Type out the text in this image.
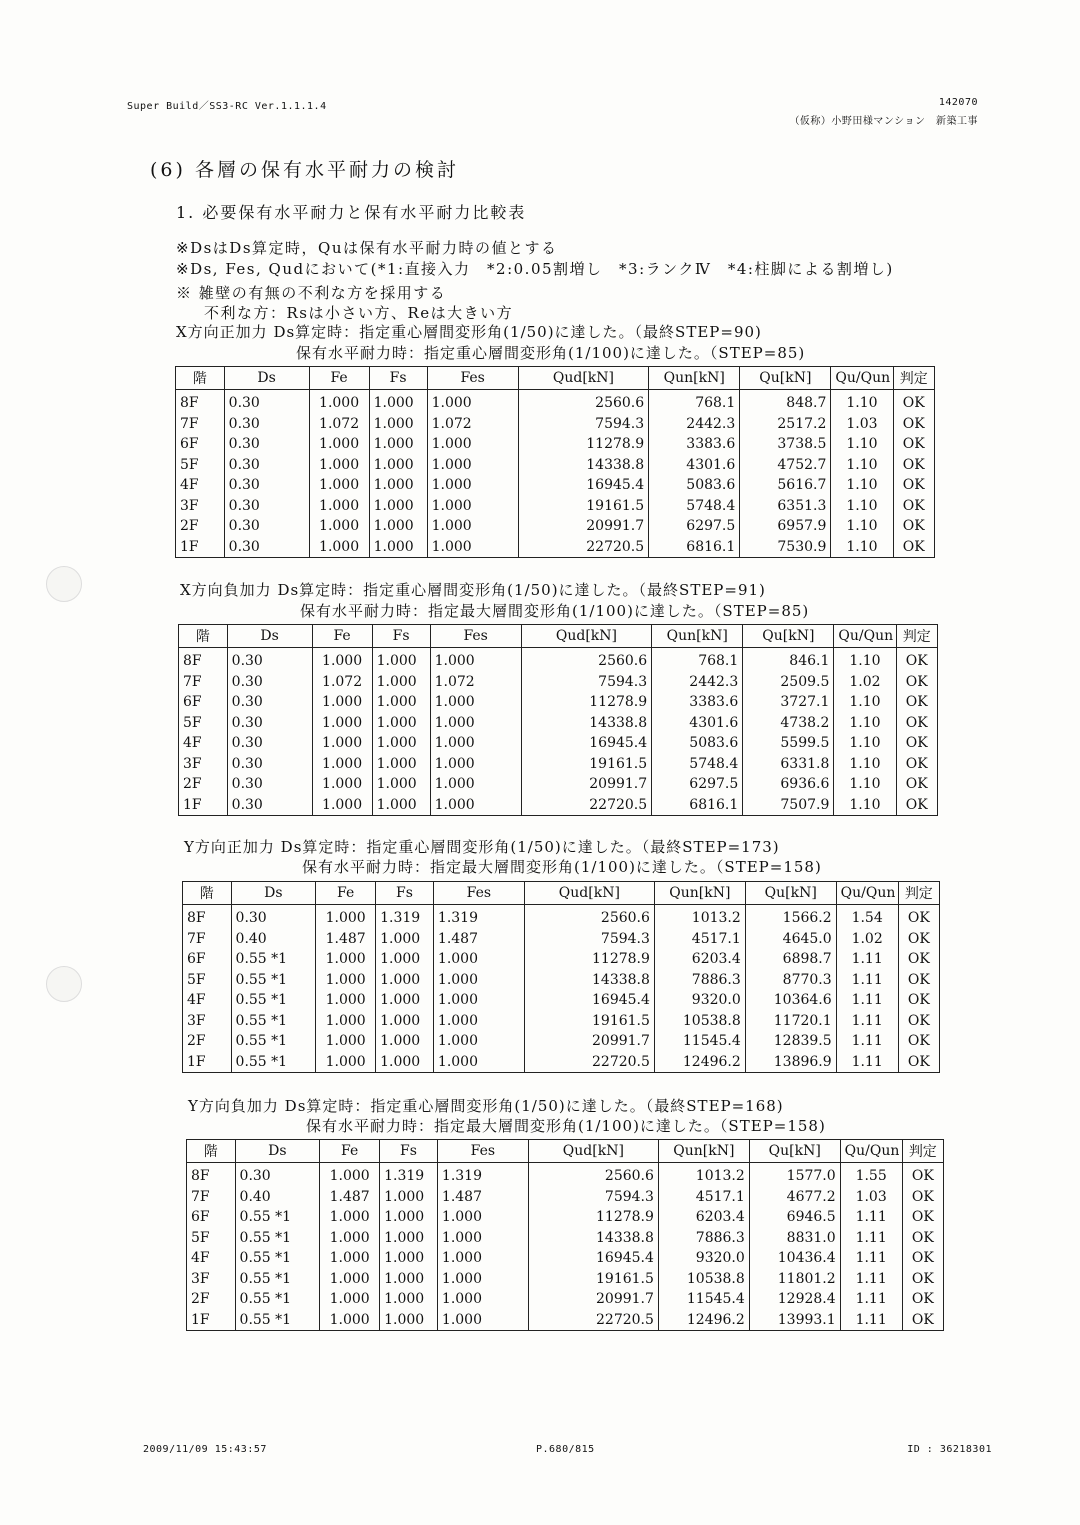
Super Build／SS3-RC Ver.1.1.1.4	142070
（仮称）小野田様マンション　新築工事
(6) 各層の保有水平耐力の検討
1. 必要保有水平耐力と保有水平耐力比較表
※DsはDs算定時，Quは保有水平耐力時の値とする
※Ds, Fes, Qudにおいて(*1:直接入力　*2:0.05割増し　*3:ランクⅣ　*4:柱脚による割増し)
※ 雑壁の有無の不利な方を採用する
不利な方：Rsは小さい方、Reは大きい方
X方向正加力 Ds算定時：指定重心層間変形角(1/50)に達した。（最終STEP=90)
保有水平耐力時：指定重心層間変形角(1/100)に達した。（STEP=85)
X方向負加力 Ds算定時：指定重心層間変形角(1/50)に達した。（最終STEP=91)
保有水平耐力時：指定最大層間変形角(1/100)に達した。（STEP=85)
Y方向正加力 Ds算定時：指定重心層間変形角(1/50)に達した。（最終STEP=173)
保有水平耐力時：指定最大層間変形角(1/100)に達した。（STEP=158)
Y方向負加力 Ds算定時：指定重心層間変形角(1/50)に達した。（最終STEP=168)
保有水平耐力時：指定最大層間変形角(1/100)に達した。（STEP=158)
階	Ds	Fe	Fs	Fes	Qud[kN]	Qun[kN]	Qu[kN]	Qu/Qun	判定
8F	0.30	1.000	1.000	1.000	2560.6	768.1	848.7	1.10	OK
7F	0.30	1.072	1.000	1.072	7594.3	2442.3	2517.2	1.03	OK
6F	0.30	1.000	1.000	1.000	11278.9	3383.6	3738.5	1.10	OK
5F	0.30	1.000	1.000	1.000	14338.8	4301.6	4752.7	1.10	OK
4F	0.30	1.000	1.000	1.000	16945.4	5083.6	5616.7	1.10	OK
3F	0.30	1.000	1.000	1.000	19161.5	5748.4	6351.3	1.10	OK
2F	0.30	1.000	1.000	1.000	20991.7	6297.5	6957.9	1.10	OK
1F	0.30	1.000	1.000	1.000	22720.5	6816.1	7530.9	1.10	OK
階	Ds	Fe	Fs	Fes	Qud[kN]	Qun[kN]	Qu[kN]	Qu/Qun	判定
8F	0.30	1.000	1.000	1.000	2560.6	768.1	846.1	1.10	OK
7F	0.30	1.072	1.000	1.072	7594.3	2442.3	2509.5	1.02	OK
6F	0.30	1.000	1.000	1.000	11278.9	3383.6	3727.1	1.10	OK
5F	0.30	1.000	1.000	1.000	14338.8	4301.6	4738.2	1.10	OK
4F	0.30	1.000	1.000	1.000	16945.4	5083.6	5599.5	1.10	OK
3F	0.30	1.000	1.000	1.000	19161.5	5748.4	6331.8	1.10	OK
2F	0.30	1.000	1.000	1.000	20991.7	6297.5	6936.6	1.10	OK
1F	0.30	1.000	1.000	1.000	22720.5	6816.1	7507.9	1.10	OK
階	Ds	Fe	Fs	Fes	Qud[kN]	Qun[kN]	Qu[kN]	Qu/Qun	判定
8F	0.30	1.000	1.319	1.319	2560.6	1013.2	1566.2	1.54	OK
7F	0.40	1.487	1.000	1.487	7594.3	4517.1	4645.0	1.02	OK
6F	0.55 *1	1.000	1.000	1.000	11278.9	6203.4	6898.7	1.11	OK
5F	0.55 *1	1.000	1.000	1.000	14338.8	7886.3	8770.3	1.11	OK
4F	0.55 *1	1.000	1.000	1.000	16945.4	9320.0	10364.6	1.11	OK
3F	0.55 *1	1.000	1.000	1.000	19161.5	10538.8	11720.1	1.11	OK
2F	0.55 *1	1.000	1.000	1.000	20991.7	11545.4	12839.5	1.11	OK
1F	0.55 *1	1.000	1.000	1.000	22720.5	12496.2	13896.9	1.11	OK
階	Ds	Fe	Fs	Fes	Qud[kN]	Qun[kN]	Qu[kN]	Qu/Qun	判定
8F	0.30	1.000	1.319	1.319	2560.6	1013.2	1577.0	1.55	OK
7F	0.40	1.487	1.000	1.487	7594.3	4517.1	4677.2	1.03	OK
6F	0.55 *1	1.000	1.000	1.000	11278.9	6203.4	6946.5	1.11	OK
5F	0.55 *1	1.000	1.000	1.000	14338.8	7886.3	8831.0	1.11	OK
4F	0.55 *1	1.000	1.000	1.000	16945.4	9320.0	10436.4	1.11	OK
3F	0.55 *1	1.000	1.000	1.000	19161.5	10538.8	11801.2	1.11	OK
2F	0.55 *1	1.000	1.000	1.000	20991.7	11545.4	12928.4	1.11	OK
1F	0.55 *1	1.000	1.000	1.000	22720.5	12496.2	13993.1	1.11	OK
2009/11/09 15:43:57	P.680/815	ID : 36218301
